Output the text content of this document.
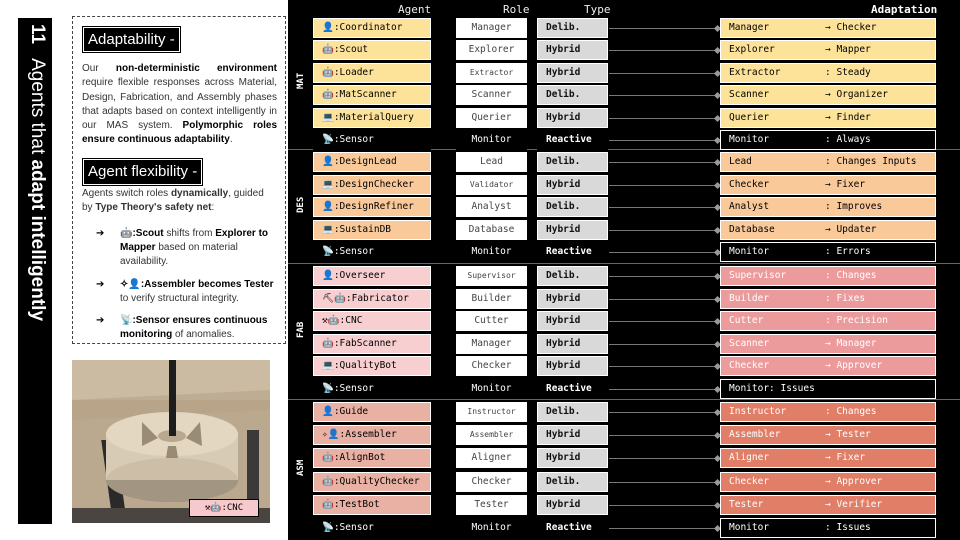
11Agents that adapt intelligently
Adaptability -

Our non-deterministic environment require flexible responses across Material, Design, Fabrication, and Assembly phases that adapts based on context intelligently in our MAS system. Polymorphic roles ensure continuous adaptability.

Agent flexibility -

Agents switch roles dynamically, guided by Type Theory's safety net:

➔	🤖:Scout shifts from Explorer to Mapper based on material availability.
➔	✧👤:Assembler becomes Tester to verify structural integrity.
➔	📡:Sensor ensures continuous monitoring of anomalies.
⚒🤖:CNC
Agent	Role	Type	Adaptation
MAT
👤:Coordinator	Manager	Delib.	Manager	→ Checker
🤖:Scout	Explorer	Hybrid	Explorer	→ Mapper
🤖:Loader	Extractor	Hybrid	Extractor	: Steady
🤖:MatScanner	Scanner	Delib.	Scanner	→ Organizer
💻:MaterialQuery	Querier	Hybrid	Querier	→ Finder
📡:Sensor	Monitor	Reactive	Monitor	: Always
DES
👤:DesignLead	Lead	Delib.	Lead	: Changes Inputs
💻:DesignChecker	Validator	Hybrid	Checker	→ Fixer
👤:DesignRefiner	Analyst	Delib.	Analyst	: Improves
💻:SustainDB	Database	Hybrid	Database	→ Updater
📡:Sensor	Monitor	Reactive	Monitor	: Errors
FAB
👤:Overseer	Supervisor	Delib.	Supervisor	: Changes
⛏🤖:Fabricator	Builder	Hybrid	Builder	: Fixes
⚒🤖:CNC	Cutter	Hybrid	Cutter	: Precision
🤖:FabScanner	Manager	Hybrid	Scanner	→ Manager
💻:QualityBot	Checker	Hybrid	Checker	→ Approver
📡:Sensor	Monitor	Reactive	Monitor: Issues
ASM
👤:Guide	Instructor	Delib.	Instructor	: Changes
✧👤:Assembler	Assembler	Hybrid	Assembler	→ Tester
🤖:AlignBot	Aligner	Hybrid	Aligner	→ Fixer
🤖:QualityChecker	Checker	Delib.	Checker	→ Approver
🤖:TestBot	Tester	Hybrid	Tester	→ Verifier
📡:Sensor	Monitor	Reactive	Monitor	: Issues
